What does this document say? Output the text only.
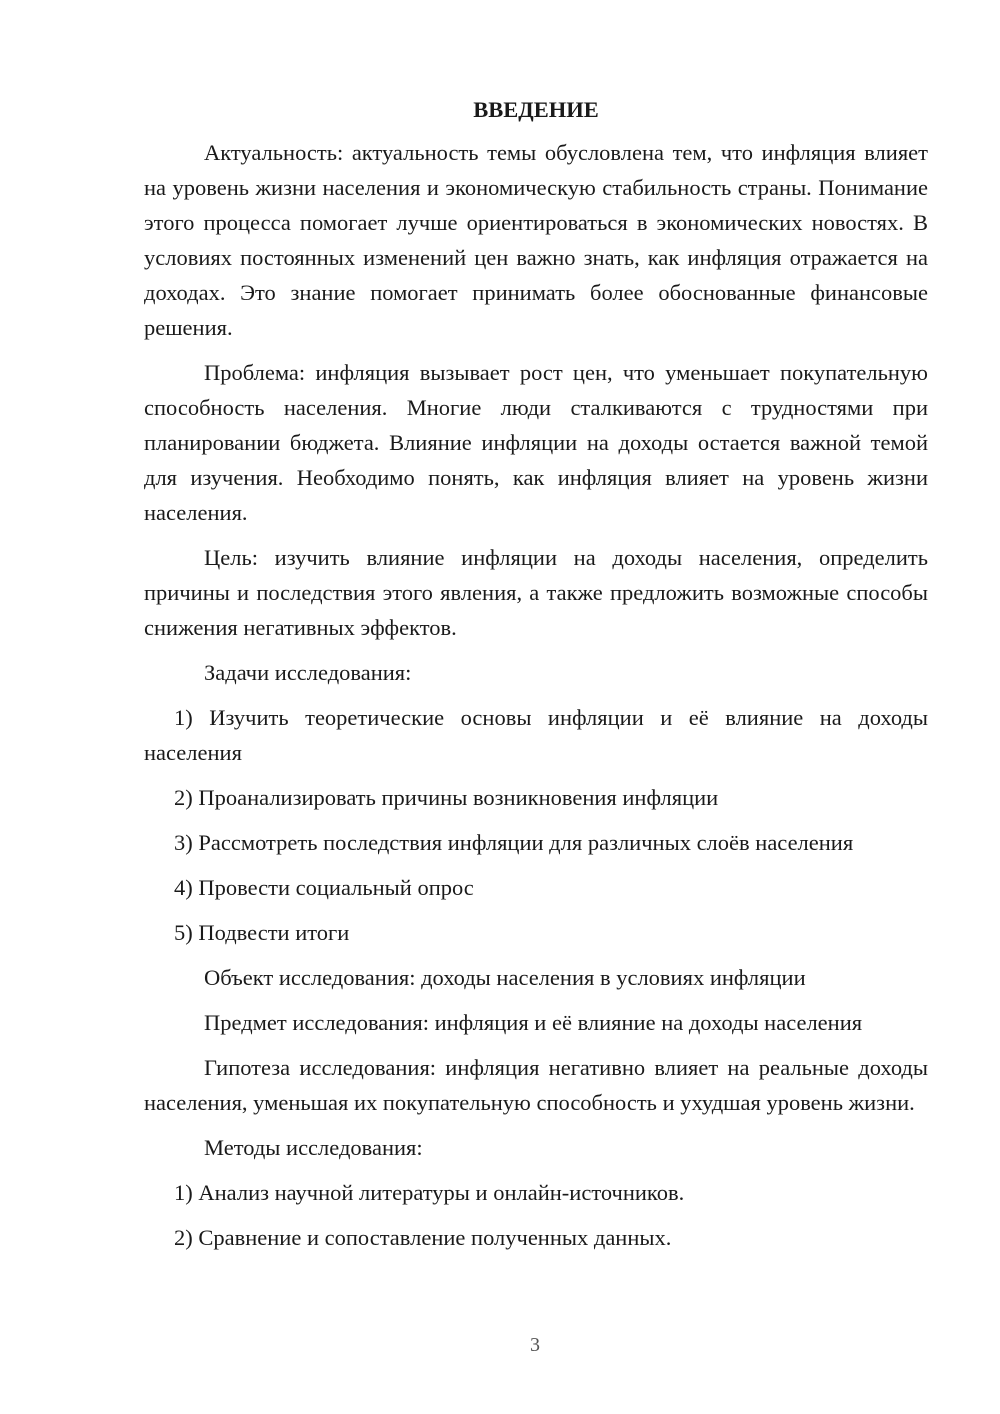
ВВЕДЕНИЕ

Актуальность: актуальность темы обусловлена тем, что инфляция влияет на уровень жизни населения и экономическую стабильность страны. Понимание этого процесса помогает лучше ориентироваться в экономических новостях. В условиях постоянных изменений цен важно знать, как инфляция отражается на доходах. Это знание помогает принимать более обоснованные финансовые решения.

Проблема: инфляция вызывает рост цен, что уменьшает покупательную способность населения. Многие люди сталкиваются с трудностями при планировании бюджета. Влияние инфляции на доходы остается важной темой для изучения. Необходимо понять, как инфляция влияет на уровень жизни населения.

Цель: изучить влияние инфляции на доходы населения, определить причины и последствия этого явления, а также предложить возможные способы снижения негативных эффектов.

Задачи исследования:

1) Изучить теоретические основы инфляции и её влияние на доходы населения

2) Проанализировать причины возникновения инфляции

3) Рассмотреть последствия инфляции для различных слоёв населения

4) Провести социальный опрос

5) Подвести итоги

Объект исследования: доходы населения в условиях инфляции

Предмет исследования: инфляция и её влияние на доходы населения

Гипотеза исследования: инфляция негативно влияет на реальные доходы населения, уменьшая их покупательную способность и ухудшая уровень жизни.

Методы исследования:

1) Анализ научной литературы и онлайн-источников.

2) Сравнение и сопоставление полученных данных.

3
